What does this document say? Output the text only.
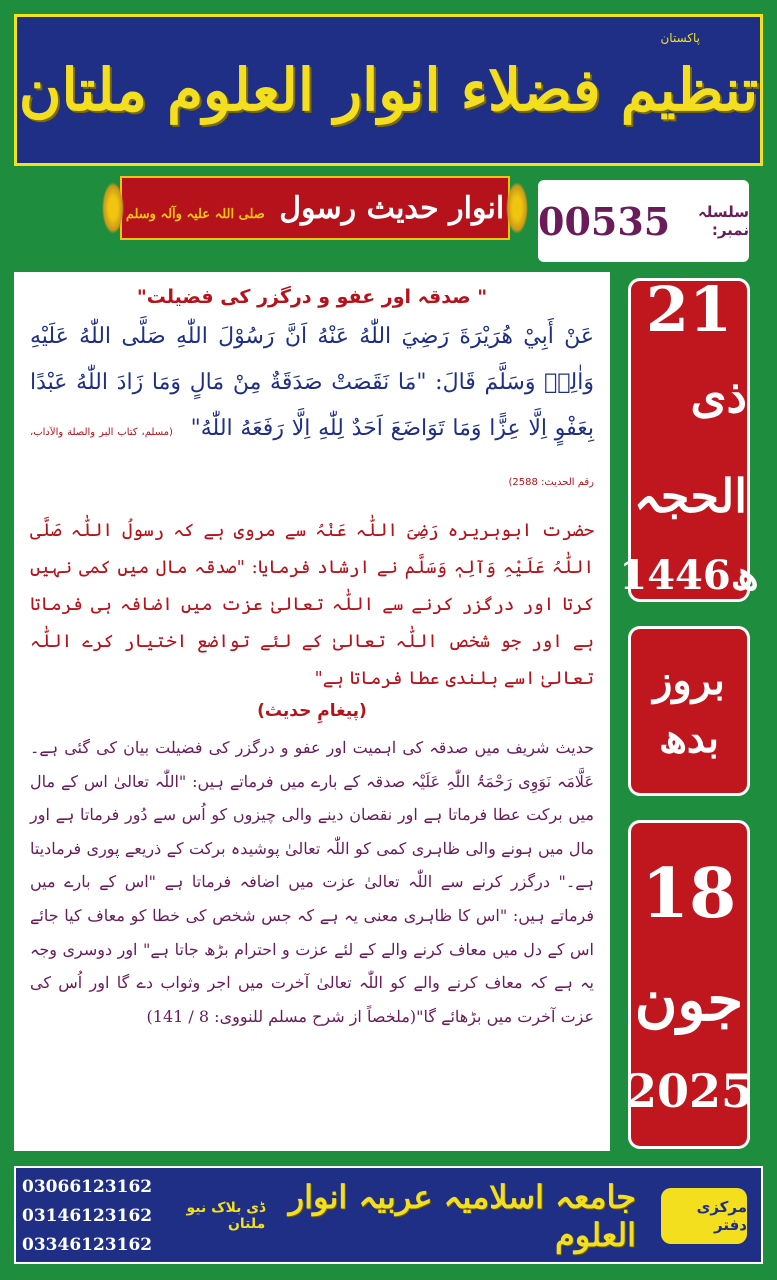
پاکستان
تنظیم فضلاء انوار العلوم ملتان
انوار حدیث رسول صلی اللہ علیہ وآلہ وسلم	00535	سلسلہ نمبر:

" صدقہ اور عفو و درگزر کی فضیلت"

عَنْ أَبِيْ هُرَيْرَةَ رَضِيَ اللّٰهُ عَنْهُ اَنَّ رَسُوْلَ اللّٰهِ صَلَّى اللّٰهُ عَلَيْهِ وَاٰلِهٖ وَسَلَّمَ قَالَ: "مَا نَقَصَتْ صَدَقَةٌ مِنْ مَالٍ وَمَا زَادَ اللّٰهُ عَبْدًا بِعَفْوٍ اِلَّا عِزًّا وَمَا تَوَاضَعَ اَحَدٌ لِلّٰهِ اِلَّا رَفَعَهُ اللّٰهُ" (مسلم، کتاب البر والصلة والآداب، رقم الحديث: 2588)

حضرت ابوہریرہ رَضِیَ اللّٰہ عَنْہُ سے مروی ہے کہ رسولُ اللّٰہ صَلَّی اللّٰہُ عَلَیْہِ وَآلِہٖ وَسَلَّم نے ارشاد فرمایا: "صدقہ مال میں کمی نہیں کرتا اور درگزر کرنے سے اللّٰہ تعالیٰ عزت میں اضافہ ہی فرماتا ہے اور جو شخص اللّٰہ تعالیٰ کے لئے تواضع اختیار کرے اللّٰہ تعالیٰ اسے بلندی عطا فرماتا ہے"

(پیغامِ حدیث)

حدیث شریف میں صدقہ کی اہمیت اور عفو و درگزر کی فضیلت بیان کی گئی ہے۔ عَلَّامَہ نَوَوِی رَحْمَۃُ اللّٰہِ عَلَیْہ صدقہ کے بارے میں فرماتے ہیں: "اللّٰہ تعالیٰ اس کے مال میں برکت عطا فرماتا ہے اور نقصان دینے والی چیزوں کو اُس سے دُور فرماتا ہے اور مال میں ہونے والی ظاہری کمی کو اللّٰہ تعالیٰ پوشیدہ برکت کے ذریعے پوری فرمادیتا ہے۔" درگزر کرنے سے اللّٰہ تعالیٰ عزت میں اضافہ فرماتا ہے "اس کے بارے میں فرماتے ہیں: "اس کا ظاہری معنی یہ ہے کہ جس شخص کی خطا کو معاف کیا جائے اس کے دل میں معاف کرنے والے کے لئے عزت و احترام بڑھ جاتا ہے" اور دوسری وجہ یہ ہے کہ معاف کرنے والے کو اللّٰہ تعالیٰ آخرت میں اجر وثواب دے گا اور اُس کی عزت آخرت میں بڑھائے گا"(ملخصاً از شرح مسلم للنووی: 8 / 141)

21
ذی الحجہ
1446ھ
بروز
بدھ
18
جون
2025
03066123162
03146123162
03346123162
جامعہ اسلامیہ عربیہ انوار العلوم
ڈی بلاک نیو ملتان
مرکزی دفتر
